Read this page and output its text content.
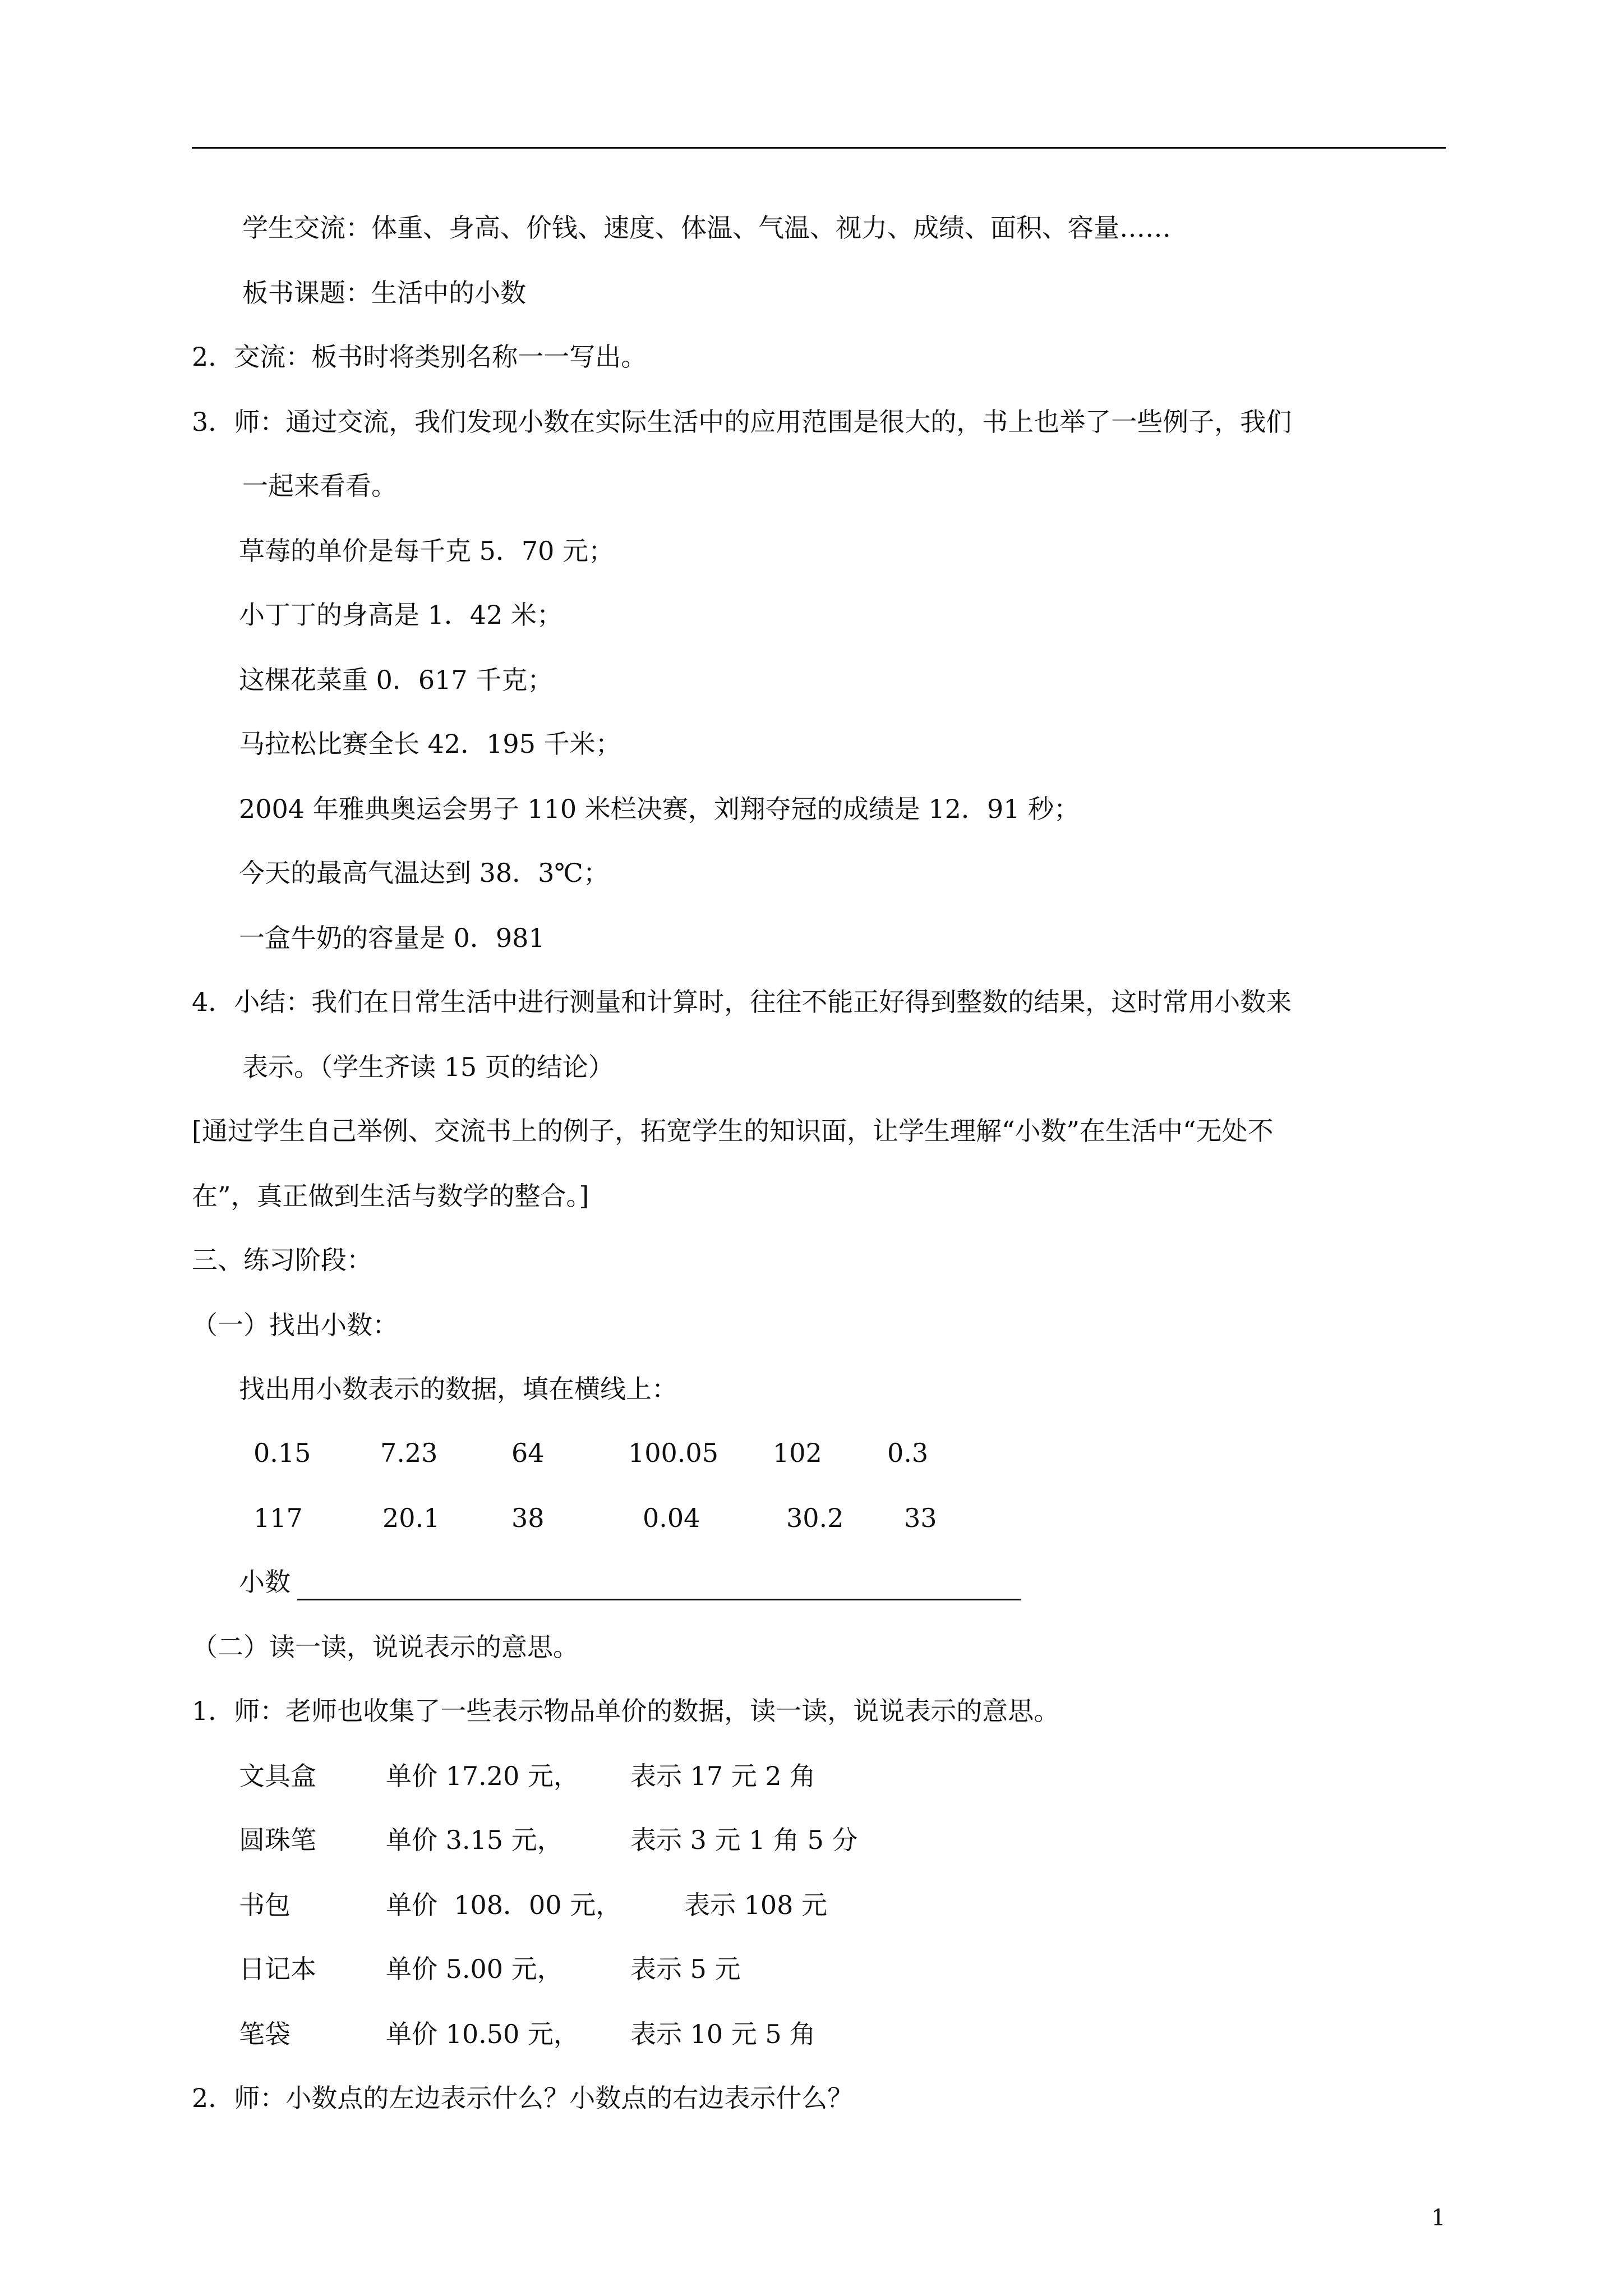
学生交流：体重、身高、价钱、速度、体温、气温、视力、成绩、面积、容量……
板书课题：生活中的小数
2．交流：板书时将类别名称一一写出。
3．师：通过交流，我们发现小数在实际生活中的应用范围是很大的，书上也举了一些例子，我们
一起来看看。
草莓的单价是每千克 5．70 元；
小丁丁的身高是 1．42 米；
这棵花菜重 0．617 千克；
马拉松比赛全长 42．195 千米；
2004 年雅典奥运会男子 110 米栏决赛，刘翔夺冠的成绩是 12．91 秒；
今天的最高气温达到 38．3℃；
一盒牛奶的容量是 0．981
4．小结：我们在日常生活中进行测量和计算时，往往不能正好得到整数的结果，这时常用小数来
表示。（学生齐读 15 页的结论）
[通过学生自己举例、交流书上的例子，拓宽学生的知识面，让学生理解“小数”在生活中“无处不
在”，真正做到生活与数学的整合。]
三、练习阶段：
（一）找出小数：
找出用小数表示的数据，填在横线上：
0.15	7.23	64	100.05 102	0.3
117	20.1	38	0.04	30.2 33
小数
（二）读一读，说说表示的意思。
1．师：老师也收集了一些表示物品单价的数据，读一读，说说表示的意思。
文具盒	单价 17.20 元， 表示 17 元 2 角
圆珠笔	单价 3.15 元，	表示 3 元 1 角 5 分
书包	单价  108．00 元， 表示 108 元
日记本	单价 5.00 元，	表示 5 元
笔袋	单价 10.50 元， 表示 10 元 5 角
2．师：小数点的左边表示什么？小数点的右边表示什么？
1
